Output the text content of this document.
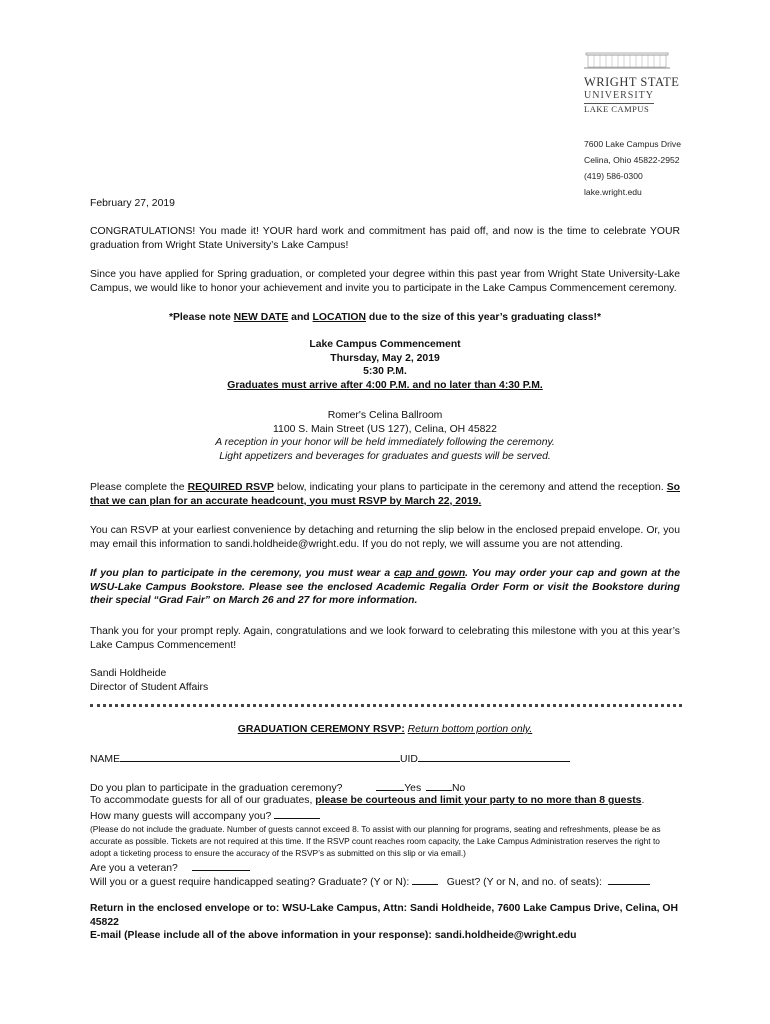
WRIGHT STATE
UNIVERSITY
LAKE CAMPUS
7600 Lake Campus Drive
Celina, Ohio 45822-2952
(419) 586-0300
lake.wright.edu
February 27, 2019
CONGRATULATIONS! You made it! YOUR hard work and commitment has paid off, and now is the time to celebrate YOUR graduation from Wright State University’s Lake Campus!
Since you have applied for Spring graduation, or completed your degree within this past year from Wright State University-Lake Campus, we would like to honor your achievement and invite you to participate in the Lake Campus Commencement ceremony.
*Please note NEW DATE and LOCATION due to the size of this year’s graduating class!*
Lake Campus Commencement
Thursday, May 2, 2019
5:30 P.M.
Graduates must arrive after 4:00 P.M. and no later than 4:30 P.M.
Romer's Celina Ballroom
1100 S. Main Street (US 127), Celina, OH 45822
A reception in your honor will be held immediately following the ceremony.
Light appetizers and beverages for graduates and guests will be served.
Please complete the REQUIRED RSVP below, indicating your plans to participate in the ceremony and attend the reception. So that we can plan for an accurate headcount, you must RSVP by March 22, 2019.
You can RSVP at your earliest convenience by detaching and returning the slip below in the enclosed prepaid envelope. Or, you may email this information to sandi.holdheide@wright.edu. If you do not reply, we will assume you are not attending.
If you plan to participate in the ceremony, you must wear a cap and gown. You may order your cap and gown at the WSU-Lake Campus Bookstore. Please see the enclosed Academic Regalia Order Form or visit the Bookstore during their special “Grad Fair” on March 26 and 27 for more information.
Thank you for your prompt reply. Again, congratulations and we look forward to celebrating this milestone with you at this year’s Lake Campus Commencement!
Sandi Holdheide
Director of Student Affairs
GRADUATION CEREMONY RSVP: Return bottom portion only.
NAME	UID
Do you plan to participate in the graduation ceremony?	Yes	No
To accommodate guests for all of our graduates, please be courteous and limit your party to no more than 8 guests.
How many guests will accompany you?
(Please do not include the graduate. Number of guests cannot exceed 8. To assist with our planning for programs, seating and refreshments, please be as accurate as possible. Tickets are not required at this time. If the RSVP count reaches room capacity, the Lake Campus Administration reserves the right to adopt a ticketing process to ensure the accuracy of the RSVP’s as submitted on this slip or via email.)
Are you a veteran?
Will you or a guest require handicapped seating? Graduate? (Y or N):	Guest? (Y or N, and no. of seats):
Return in the enclosed envelope or to: WSU-Lake Campus, Attn: Sandi Holdheide, 7600 Lake Campus Drive, Celina, OH 45822
E-mail (Please include all of the above information in your response): sandi.holdheide@wright.edu
